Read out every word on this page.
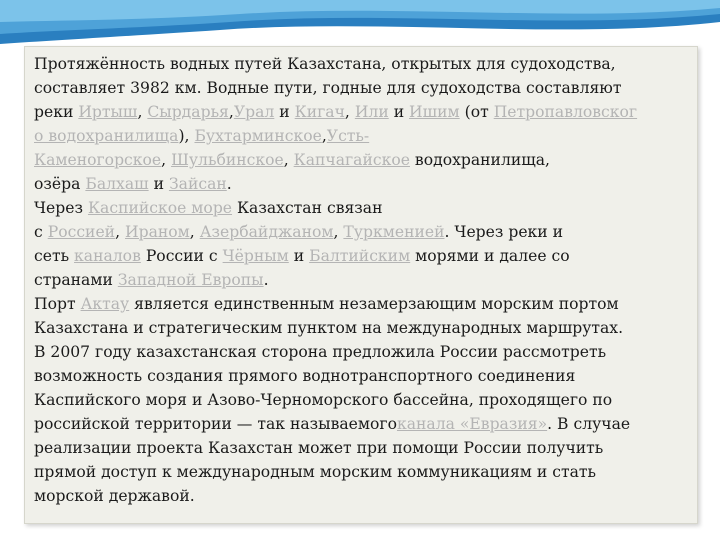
Протяжённость водных путей Казахстана, открытых для судоходства,
составляет 3982 км. Водные пути, годные для судоходства составляют
реки Иртыш, Сырдарья,Урал и Кигач, Или и Ишим (от Петропавловског
о водохранилища), Бухтарминское,Усть-
Каменогорское, Шульбинское, Капчагайское водохранилища,
озёра Балхаш и Зайсан.
Через Каспийское море Казахстан связан
с Россией, Ираном, Азербайджаном, Туркменией. Через реки и
сеть каналов России с Чёрным и Балтийским морями и далее со
странами Западной Европы.
Порт Актау является единственным незамерзающим морским портом
Казахстана и стратегическим пунктом на международных маршрутах.
В 2007 году казахстанская сторона предложила России рассмотреть
возможность создания прямого воднотранспортного соединения
Каспийского моря и Азово-Черноморского бассейна, проходящего по
российской территории — так называемогоканала «Евразия». В случае
реализации проекта Казахстан может при помощи России получить
прямой доступ к международным морским коммуникациям и стать
морской державой.
